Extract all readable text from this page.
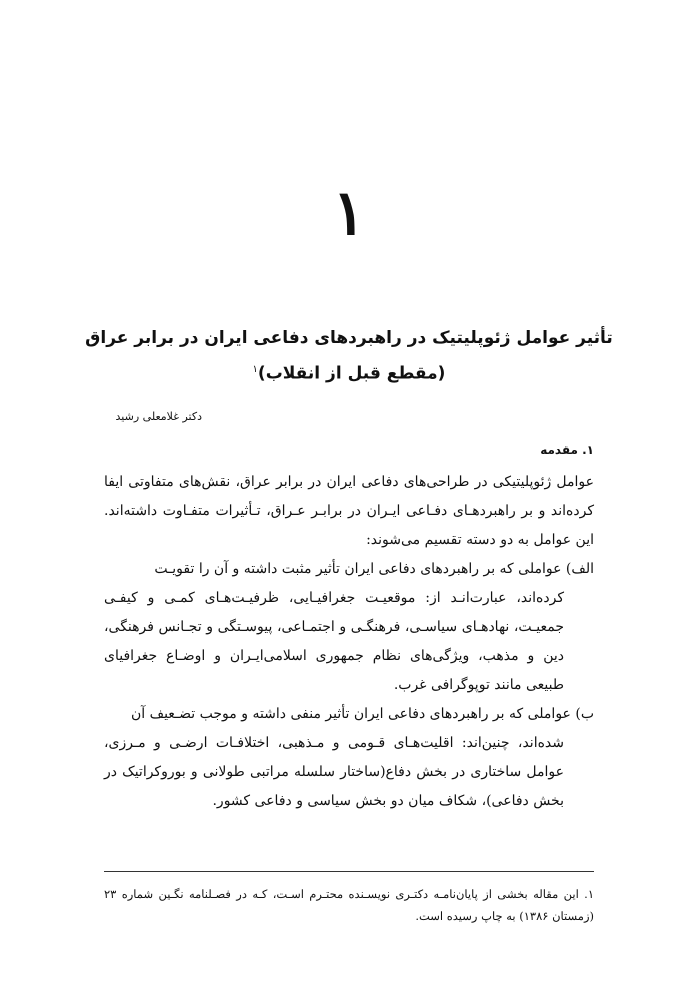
۱

تأثیر عوامل ژئوپلیتیک در راهبردهای دفاعی ایران در برابر عراق

(مقطع قبل از انقلاب)$^۱$

دکتر غلامعلی رشید
۱. مقدمه

عوامل ژئوپلیتیکی در طراحی‌های دفاعی ایران در برابر عراق، نقش‌های متفاوتی ایفا کرده‌اند و بر راهبردهـای دفـاعی ایـران در برابـر عـراق، تـأثیرات متفـاوت داشته‌اند. این عوامل به دو دسته تقسیم می‌شوند:

الف) عواملی که بر راهبردهای دفاعی ایران تأثیر مثبت داشته و آن را تقویـت
کرده‌اند، عبارت‌انـد از: موقعیـت جغرافیـایی، ظرفیـت‌هـای کمـی و کیفـی جمعیـت، نهادهـای سیاسـی، فرهنگـی و اجتمـاعی، پیوسـتگی و تجـانس فرهنگی، دین و مذهب، ویژگی‌های نظام جمهوری اسلامی‌ایـران و اوضـاع جغرافیای طبیعی مانند توپوگرافی غرب.
ب) عواملی که بر راهبردهای دفاعی ایران تأثیر منفی داشته و موجب تضـعیف آن
شده‌اند، چنین‌اند: اقلیت‌هـای قـومی و مـذهبی، اختلافـات ارضـی و مـرزی، عوامل ساختاری در بخش دفاع(ساختار سلسله مراتبی طولانی و بوروکراتیک در بخش دفاعی)، شکاف میان دو بخش سیاسی و دفاعی کشور.

۱. این مقاله بخشی از پایان‌نامـه دکتـری نویسـنده محتـرم اسـت، کـه در فصـلنامه نگـین شماره ۲۳ (زمستان ۱۳۸۶) به چاپ رسیده است.
